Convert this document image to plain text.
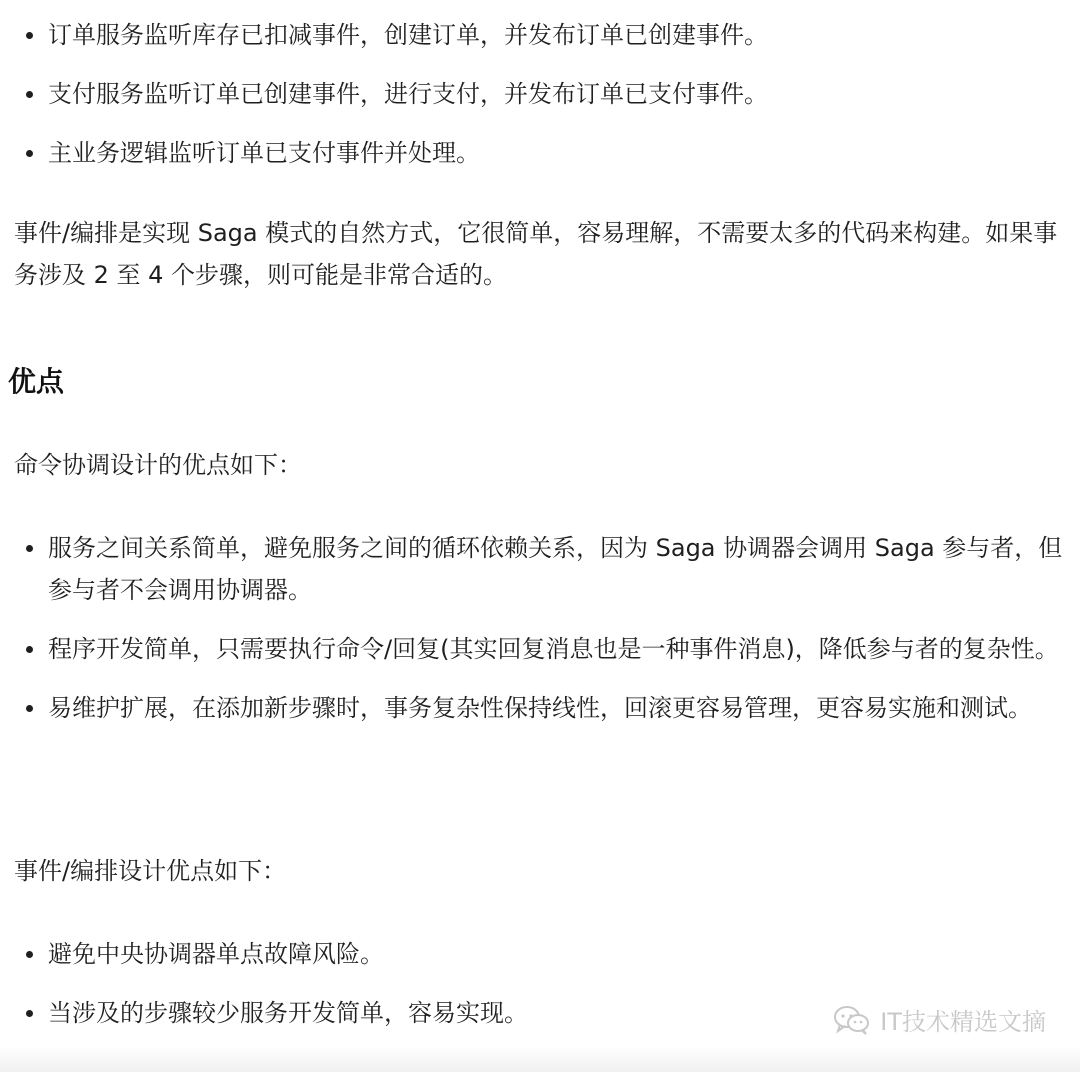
订单服务监听库存已扣减事件，创建订单，并发布订单已创建事件。
支付服务监听订单已创建事件，进行支付，并发布订单已支付事件。
主业务逻辑监听订单已支付事件并处理。

事件/编排是实现 Saga 模式的自然方式，它很简单，容易理解，不需要太多的代码来构建。如果事务涉及 2 至 4 个步骤，则可能是非常合适的。

优点

命令协调设计的优点如下：

服务之间关系简单，避免服务之间的循环依赖关系，因为 Saga 协调器会调用 Saga 参与者，但参与者不会调用协调器。
程序开发简单，只需要执行命令/回复(其实回复消息也是一种事件消息)，降低参与者的复杂性。
易维护扩展，在添加新步骤时，事务复杂性保持线性，回滚更容易管理，更容易实施和测试。

事件/编排设计优点如下：

避免中央协调器单点故障风险。
当涉及的步骤较少服务开发简单，容易实现。	IT技术精选文摘
